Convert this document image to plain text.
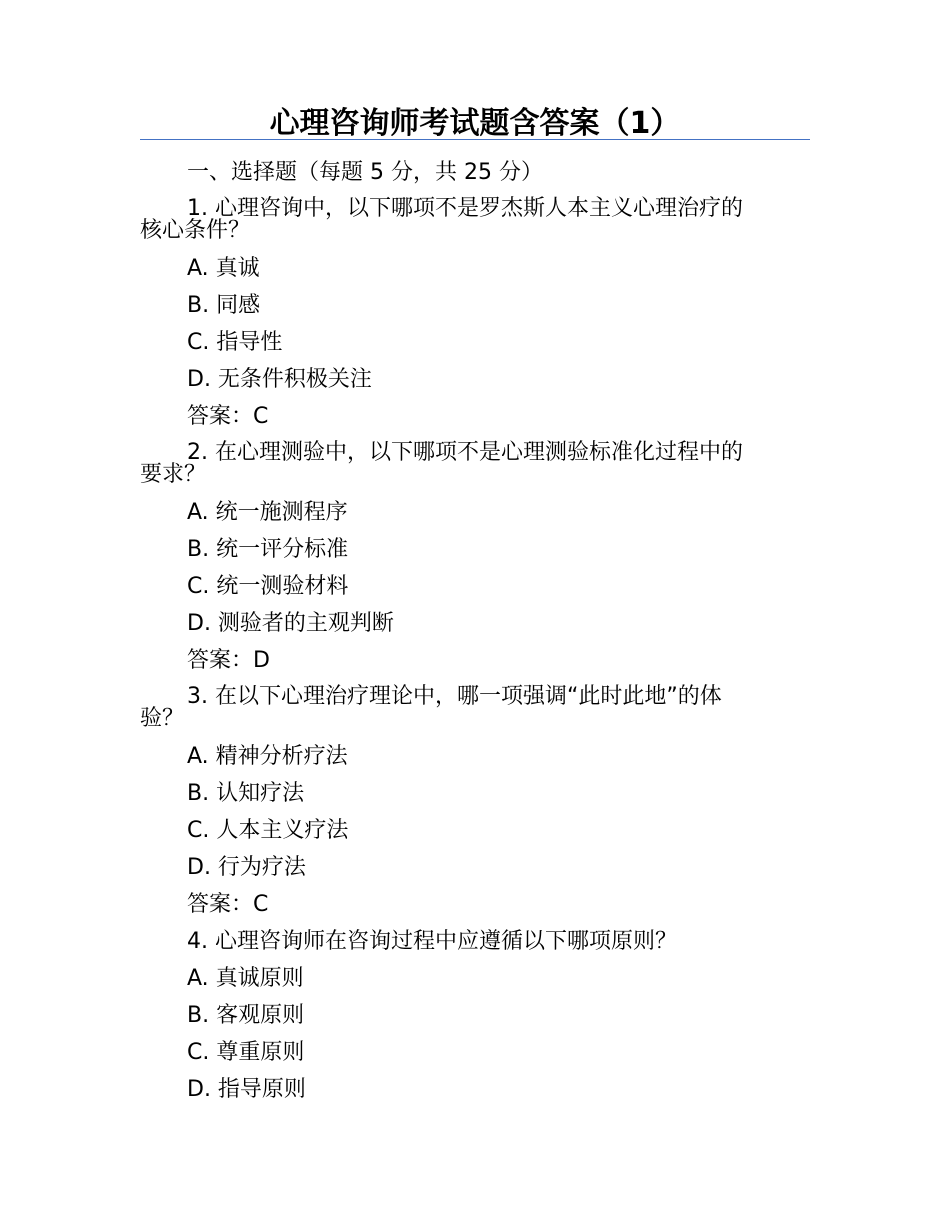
心理咨询师考试题含答案（1）
一、选择题（每题 5 分，共 25 分）
1. 心理咨询中，以下哪项不是罗杰斯人本主义心理治疗的
核心条件？
A. 真诚
B. 同感
C. 指导性
D. 无条件积极关注
答案：C
2. 在心理测验中，以下哪项不是心理测验标准化过程中的
要求？
A. 统一施测程序
B. 统一评分标准
C. 统一测验材料
D. 测验者的主观判断
答案：D
3. 在以下心理治疗理论中，哪一项强调“此时此地”的体
验？
A. 精神分析疗法
B. 认知疗法
C. 人本主义疗法
D. 行为疗法
答案：C
4. 心理咨询师在咨询过程中应遵循以下哪项原则？
A. 真诚原则
B. 客观原则
C. 尊重原则
D. 指导原则
